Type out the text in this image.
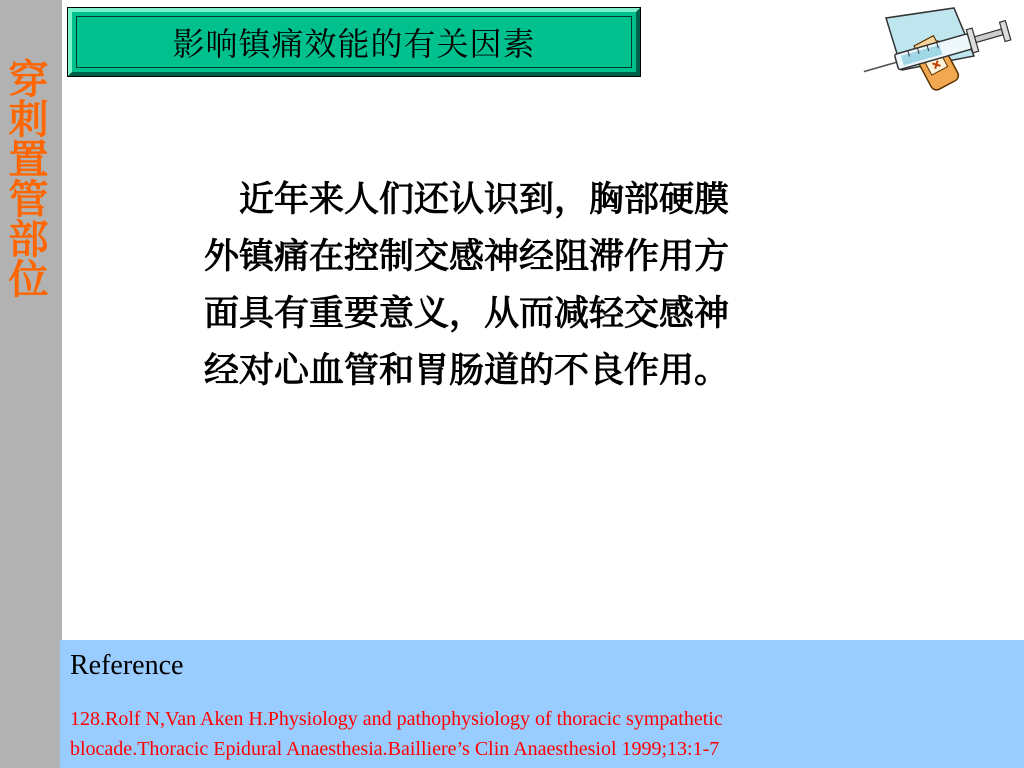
穿刺置管部位
影响镇痛效能的有关因素
　近年来人们还认识到，胸部硬膜
外镇痛在控制交感神经阻滞作用方
面具有重要意义，从而减轻交感神
经对心血管和胃肠道的不良作用。
Reference
128.Rolf N,Van Aken H.Physiology and pathophysiology of thoracic sympathetic
blocade.Thoracic Epidural Anaesthesia.Bailliere’s Clin Anaesthesiol 1999;13:1-7
